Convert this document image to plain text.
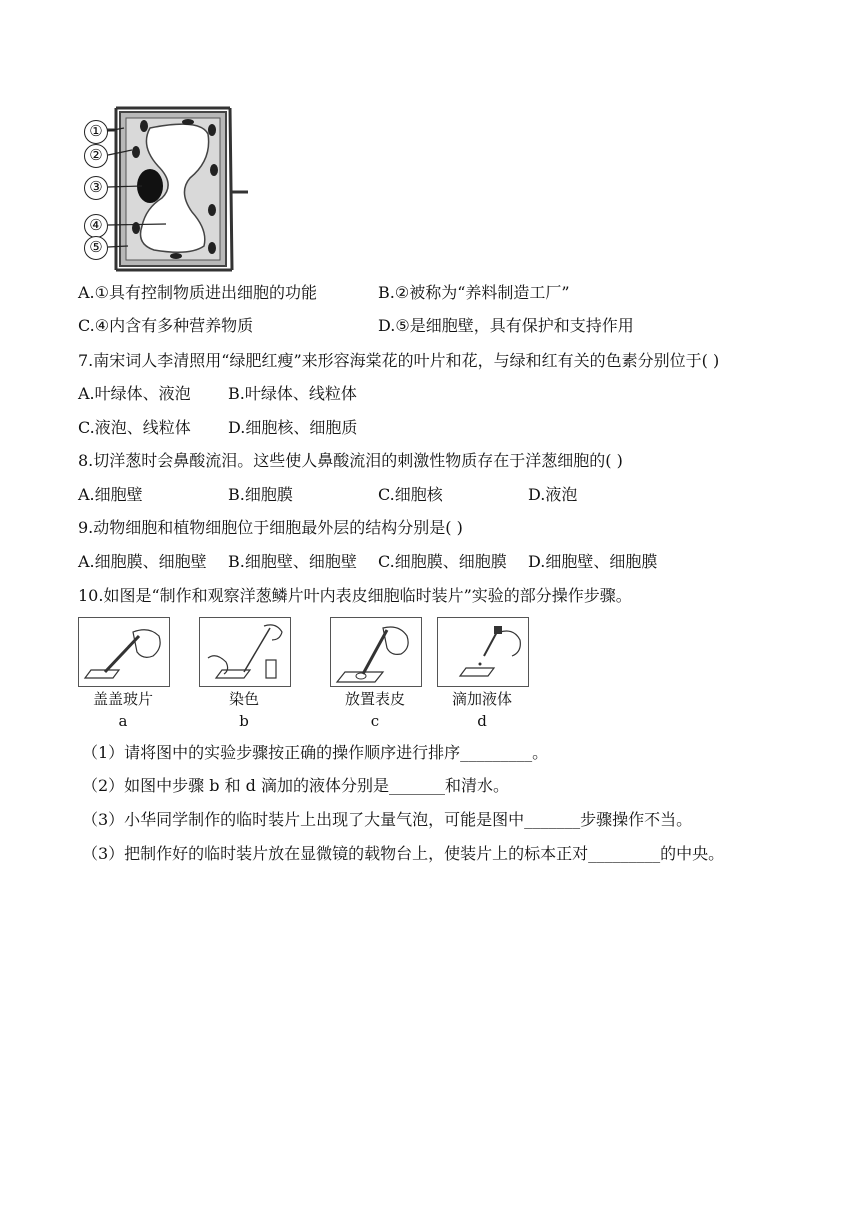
①
②
③
④
⑤
A.①具有控制物质进出细胞的功能	B.②被称为“养料制造工厂”
C.④内含有多种营养物质	D.⑤是细胞壁，具有保护和支持作用
7.南宋词人李清照用“绿肥红瘦”来形容海棠花的叶片和花，与绿和红有关的色素分别位于( )
A.叶绿体、液泡 B.叶绿体、线粒体
C.液泡、线粒体 D.细胞核、细胞质
8.切洋葱时会鼻酸流泪。这些使人鼻酸流泪的刺激性物质存在于洋葱细胞的( )
A.细胞壁	B.细胞膜	C.细胞核	D.液泡
9.动物细胞和植物细胞位于细胞最外层的结构分别是( )
A.细胞膜、细胞壁 B.细胞壁、细胞壁 C.细胞膜、细胞膜 D.细胞壁、细胞膜
10.如图是“制作和观察洋葱鳞片叶内表皮细胞临时装片”实验的部分操作步骤。
盖盖玻片
a
染色
b
放置表皮
c
滴加液体
d
（1）请将图中的实验步骤按正确的操作顺序进行排序_________。
（2）如图中步骤 b 和 d 滴加的液体分别是_______和清水。
（3）小华同学制作的临时装片上出现了大量气泡，可能是图中_______步骤操作不当。
（3）把制作好的临时装片放在显微镜的载物台上，使装片上的标本正对_________的中央。
